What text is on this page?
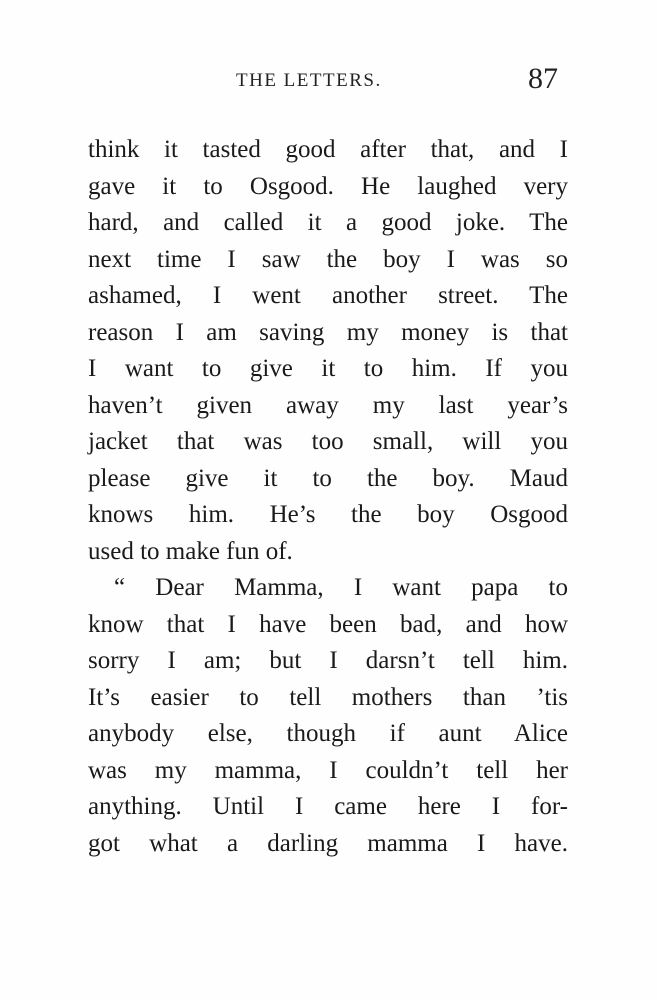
THE LETTERS.	87
think it tasted good after that, and I
gave it to Osgood. He laughed very
hard, and called it a good joke. The
next time I saw the boy I was so
ashamed, I went another street. The
reason I am saving my money is that
I want to give it to him. If you
haven’t given away my last year’s
jacket that was too small, will you
please give it to the boy. Maud
knows him. He’s the boy Osgood
used to make fun of.
“ Dear Mamma, I want papa to
know that I have been bad, and how
sorry I am; but I darsn’t tell him.
It’s easier to tell mothers than ’tis
anybody else, though if aunt Alice
was my mamma, I couldn’t tell her
anything. Until I came here I for-
got what a darling mamma I have.
